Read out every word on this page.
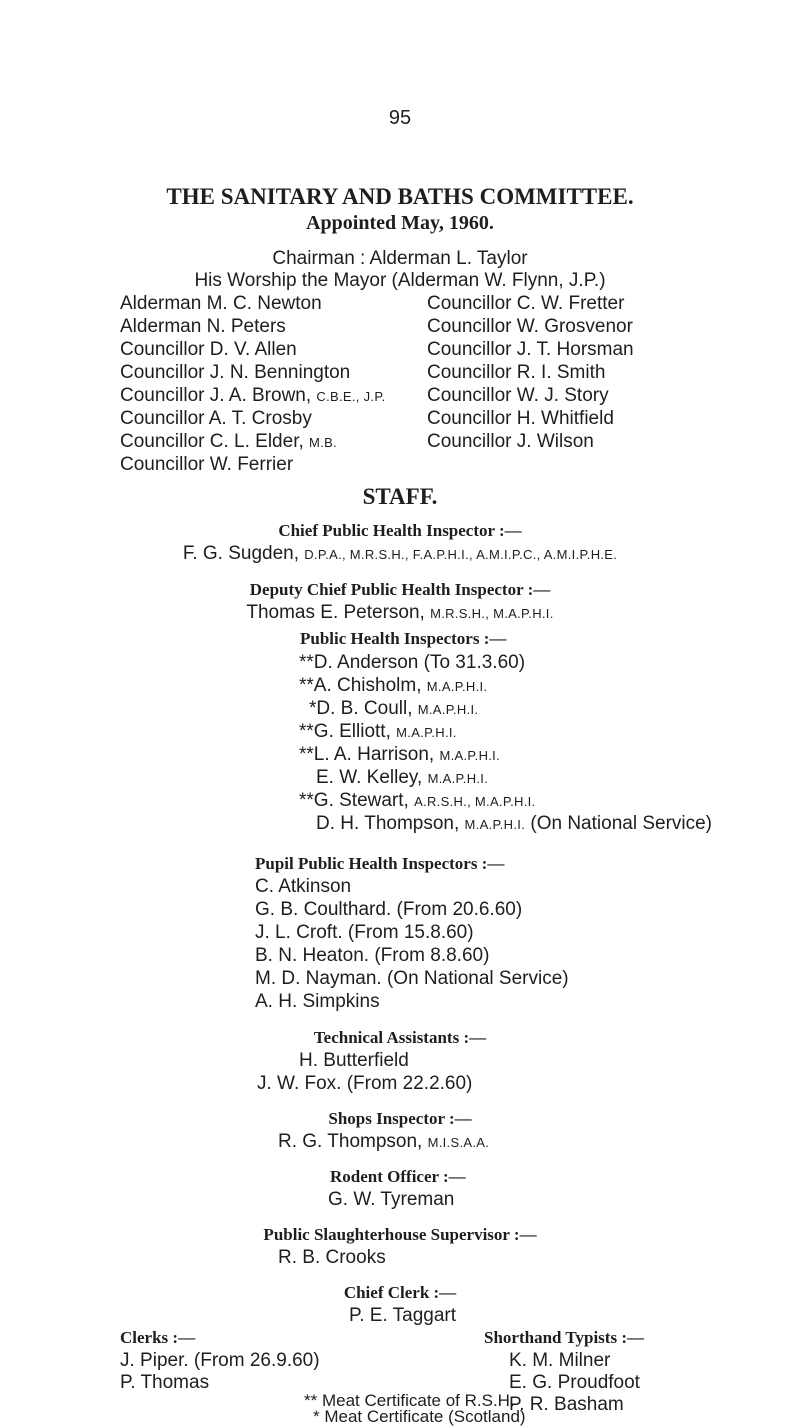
95
THE SANITARY AND BATHS COMMITTEE.
Appointed May, 1960.
Chairman : Alderman L. Taylor
His Worship the Mayor (Alderman W. Flynn, J.P.)
Alderman M. C. Newton
Alderman N. Peters
Councillor D. V. Allen
Councillor J. N. Bennington
Councillor J. A. Brown, C.B.E., J.P.
Councillor A. T. Crosby
Councillor C. L. Elder, M.B.
Councillor W. Ferrier
Councillor C. W. Fretter
Councillor W. Grosvenor
Councillor J. T. Horsman
Councillor R. I. Smith
Councillor W. J. Story
Councillor H. Whitfield
Councillor J. Wilson
STAFF.
Chief Public Health Inspector :—
F. G. Sugden, D.P.A., M.R.S.H., F.A.P.H.I., A.M.I.P.C., A.M.I.P.H.E.
Deputy Chief Public Health Inspector :—
Thomas E. Peterson, M.R.S.H., M.A.P.H.I.
Public Health Inspectors :—
**D. Anderson (To 31.3.60)
**A. Chisholm, M.A.P.H.I.
*D. B. Coull, M.A.P.H.I.
**G. Elliott, M.A.P.H.I.
**L. A. Harrison, M.A.P.H.I.
E. W. Kelley, M.A.P.H.I.
**G. Stewart, A.R.S.H., M.A.P.H.I.
D. H. Thompson, M.A.P.H.I. (On National Service)
Pupil Public Health Inspectors :—
C. Atkinson
G. B. Coulthard. (From 20.6.60)
J. L. Croft. (From 15.8.60)
B. N. Heaton. (From 8.8.60)
M. D. Nayman. (On National Service)
A. H. Simpkins
Technical Assistants :—
H. Butterfield
J. W. Fox. (From 22.2.60)
Shops Inspector :—
R. G. Thompson, M.I.S.A.A.
Rodent Officer :—
G. W. Tyreman
Public Slaughterhouse Supervisor :—
R. B. Crooks
Chief Clerk :—
P. E. Taggart
Clerks :—
J. Piper. (From 26.9.60)
P. Thomas
Shorthand Typists :—
K. M. Milner
E. G. Proudfoot
P. R. Basham
** Meat Certificate of R.S.H.
* Meat Certificate (Scotland)
